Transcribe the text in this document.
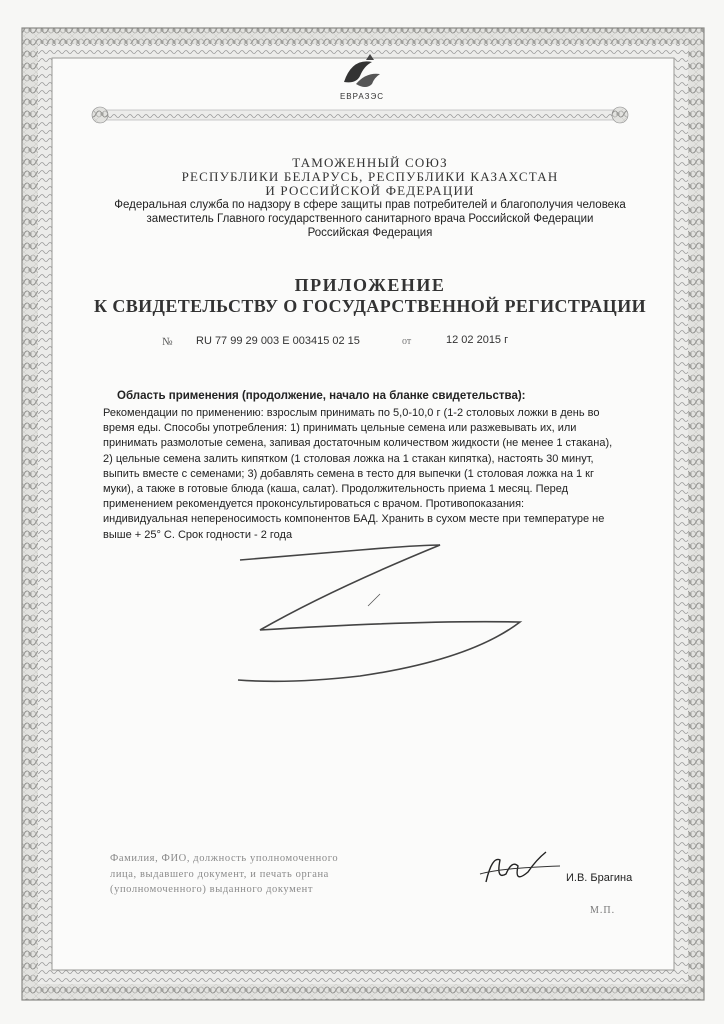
ЕВРАЗЭС
ТАМОЖЕННЫЙ СОЮЗ
РЕСПУБЛИКИ БЕЛАРУСЬ, РЕСПУБЛИКИ КАЗАХСТАН
И РОССИЙСКОЙ ФЕДЕРАЦИИ
Федеральная служба по надзору в сфере защиты прав потребителей и благополучия человека
заместитель Главного государственного санитарного врача Российской Федерации
Российская Федерация
ПРИЛОЖЕНИЕ
К СВИДЕТЕЛЬСТВУ О ГОСУДАРСТВЕННОЙ РЕГИСТРАЦИИ
№ RU 77 99 29 003 E 003415 02 15	от	12 02 2015 г
Область применения (продолжение, начало на бланке свидетельства):
Рекомендации по применению: взрослым принимать по 5,0-10,0 г (1-2 столовых ложки в день во
время еды. Способы употребления: 1) принимать цельные семена или разжевывать их, или
принимать размолотые семена, запивая достаточным количеством жидкости (не менее 1 стакана),
2) цельные семена залить кипятком (1 столовая ложка на 1 стакан кипятка), настоять 30 минут,
выпить вместе с семенами; 3) добавлять семена в тесто для выпечки (1 столовая ложка на 1 кг
муки), а также в готовые блюда (каша, салат). Продолжительность приема 1 месяц. Перед
применением рекомендуется проконсультироваться с врачом. Противопоказания:
индивидуальная непереносимость компонентов БАД. Хранить в сухом месте при температуре не
выше + 25° С. Срок годности - 2 года
Фамилия, ФИО, должность уполномоченного
лица, выдавшего документ, и печать органа
(уполномоченного) выданного документ
И.В. Брагина
М.П.
